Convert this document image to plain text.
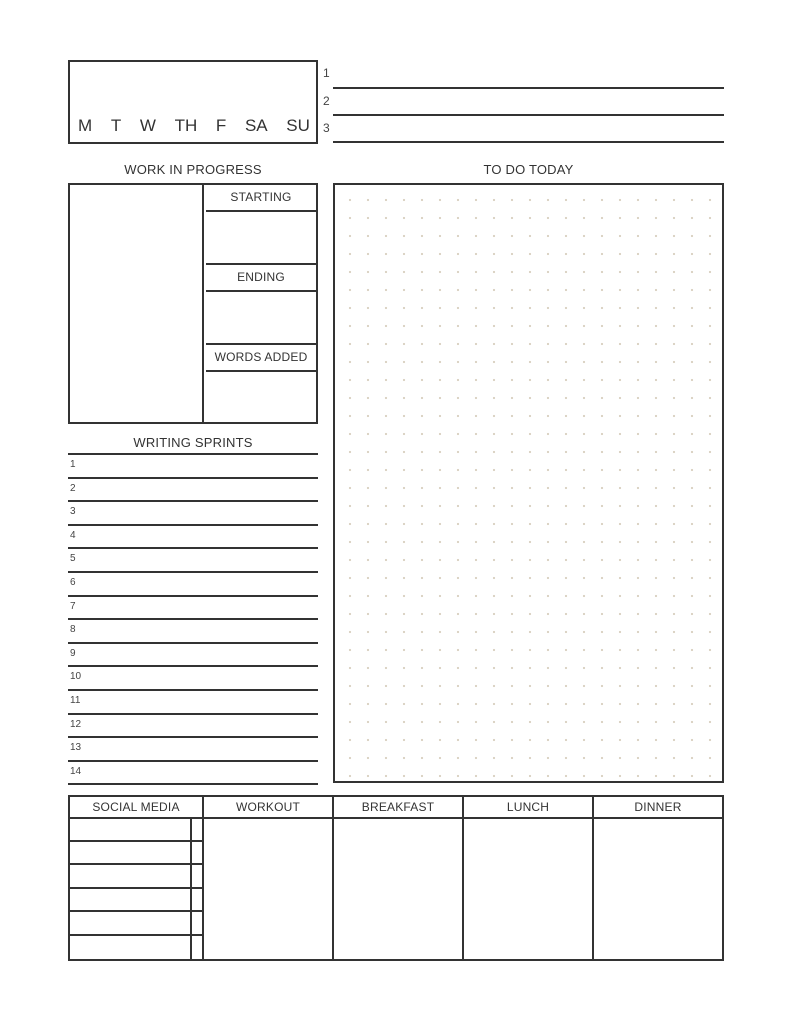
M T W TH F SA SU
1
2
3
WORK IN PROGRESS	TO DO TODAY
STARTING
ENDING
WORDS ADDED
WRITING SPRINTS
1
2
3
4
5
6
7
8
9
10
11
12
13
14
SOCIAL MEDIA	WORKOUT	BREAKFAST	LUNCH	DINNER
